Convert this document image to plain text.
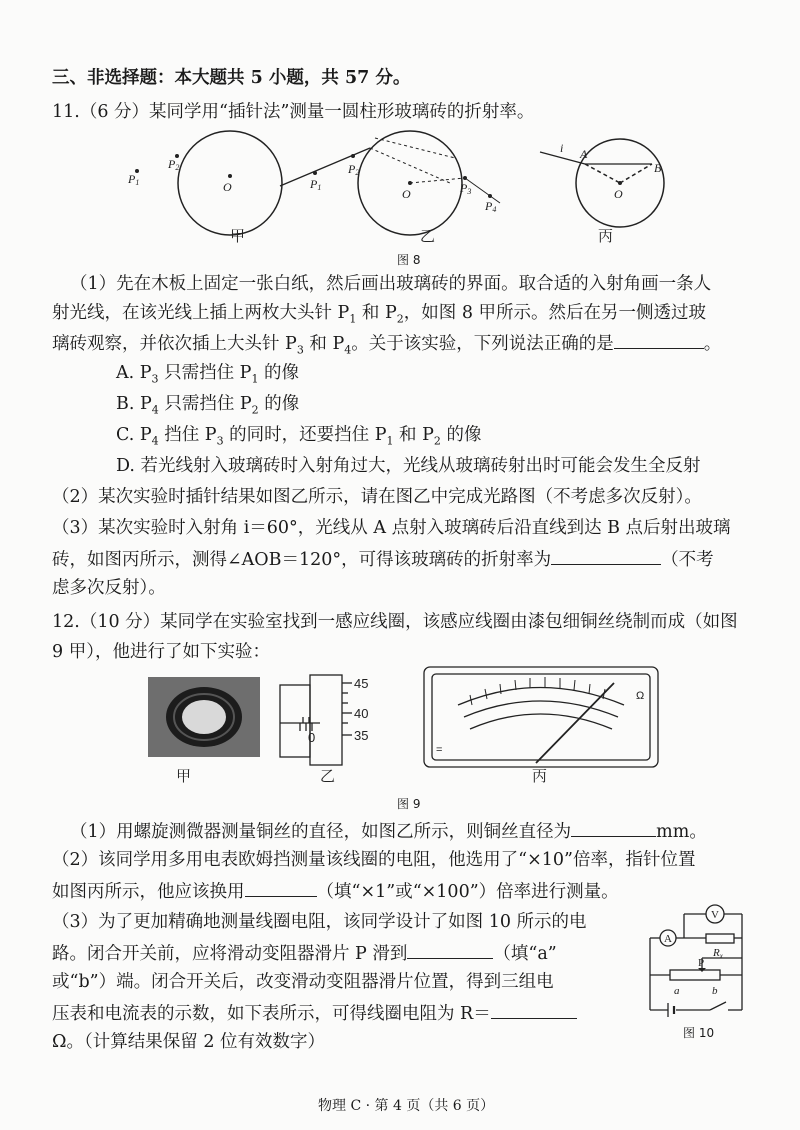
三、非选择题：本大题共 5 小题，共 57 分。
11.（6 分）某同学用“插针法”测量一圆柱形玻璃砖的折射率。
P1
P2
O	P1
P2
O	P3
P4
i A
O
B
甲	乙	丙
图 8
（1）先在木板上固定一张白纸，然后画出玻璃砖的界面。取合适的入射角画一条人
射光线，在该光线上插上两枚大头针 $P_1$ 和 $P_2$，如图 8 甲所示。然后在另一侧透过玻
璃砖观察，并依次插上大头针 $P_3$ 和 $P_4$。关于该实验，下列说法正确的是	。
A. $P_3$ 只需挡住 $P_1$ 的像
B. $P_4$ 只需挡住 $P_2$ 的像
C. $P_4$ 挡住 $P_3$ 的同时，还要挡住 $P_1$ 和 $P_2$ 的像
D. 若光线射入玻璃砖时入射角过大，光线从玻璃砖射出时可能会发生全反射
（2）某次实验时插针结果如图乙所示，请在图乙中完成光路图（不考虑多次反射）。
（3）某次实验时入射角 i＝60°，光线从 A 点射入玻璃砖后沿直线到达 B 点后射出玻璃
砖，如图丙所示，测得∠AOB＝120°，可得该玻璃砖的折射率为	（不考
虑多次反射）。
12.（10 分）某同学在实验室找到一感应线圈，该感应线圈由漆包细铜丝绕制而成（如图
9 甲），他进行了如下实验：
45
40
35
0
Ω
=
甲	乙	丙
图 9
（1）用螺旋测微器测量铜丝的直径，如图乙所示，则铜丝直径为	mm。
（2）该同学用多用电表欧姆挡测量该线圈的电阻，他选用了“×10”倍率，指针位置
如图丙所示，他应该换用	（填“×1”或“×100”）倍率进行测量。
（3）为了更加精确地测量线圈电阻，该同学设计了如图 10 所示的电
路。闭合开关前，应将滑动变阻器滑片 P 滑到	（填“a”
或“b”）端。闭合开关后，改变滑动变阻器滑片位置，得到三组电
压表和电流表的示数，如下表所示，可得线圈电阻为 R＝
Ω。（计算结果保留 2 位有效数字）
V
A
Rx
P
a	b
图 10
物理 C · 第 4 页（共 6 页）
